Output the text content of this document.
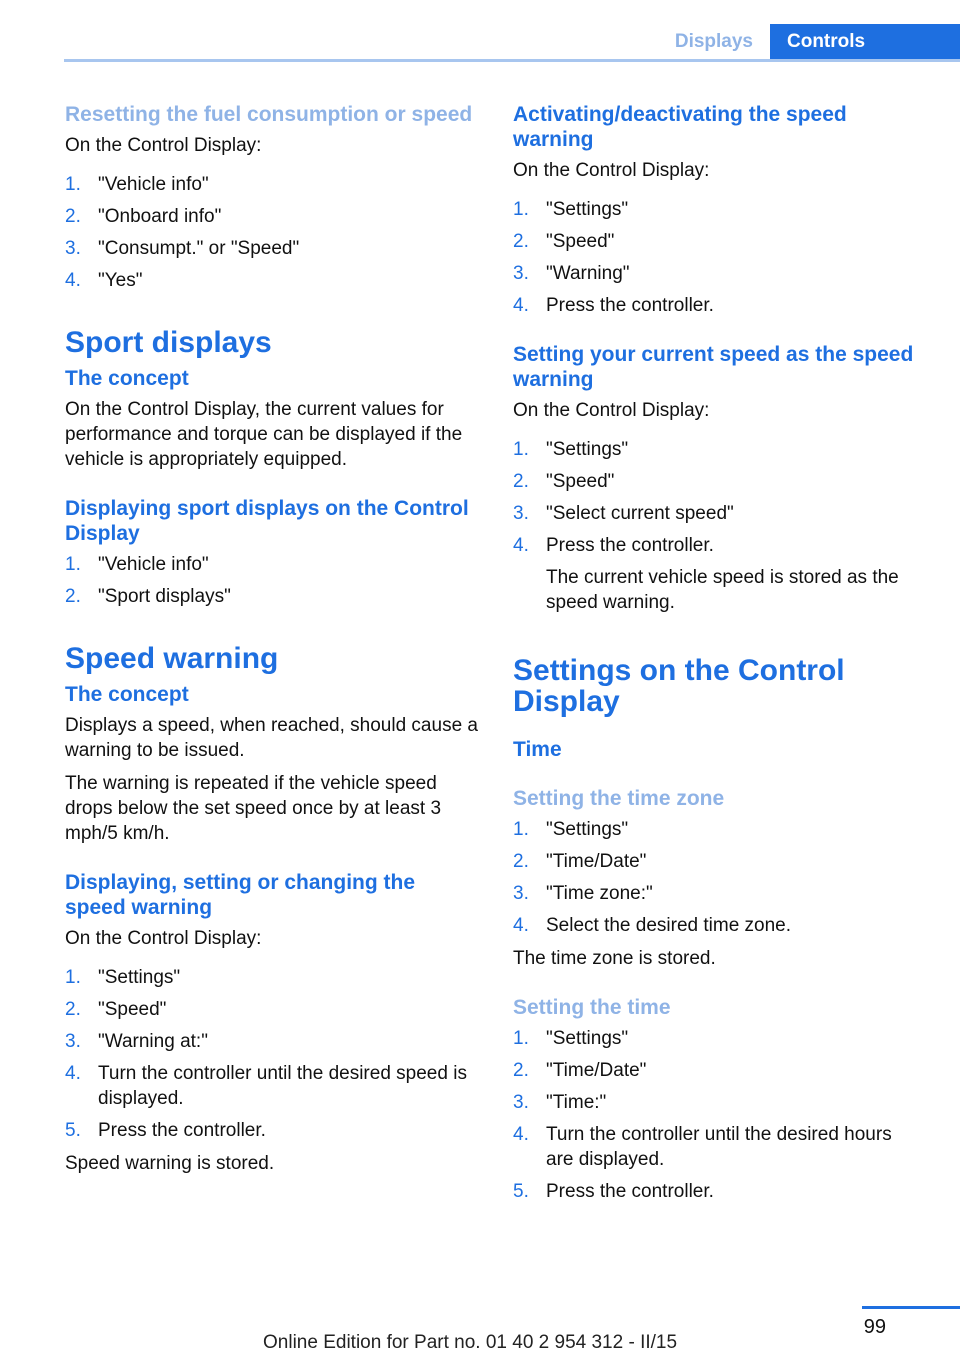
Displays	Controls
Resetting the fuel consumption or speed

On the Control Display:

1. "Vehicle info"
2. "Onboard info"
3. "Consumpt." or "Speed"
4. "Yes"
Sport displays
The concept

On the Control Display, the current values for performance and torque can be displayed if the vehicle is appropriately equipped.

Displaying sport displays on the Control Display
1. "Vehicle info"
2. "Sport displays"
Speed warning
The concept

Displays a speed, when reached, should cause a warning to be issued.

The warning is repeated if the vehicle speed drops below the set speed once by at least 3 mph/5 km/h.

Displaying, setting or changing the speed warning

On the Control Display:

1. "Settings"
2. "Speed"
3. "Warning at:"
4. Turn the controller until the desired speed is displayed.
5. Press the controller.

Speed warning is stored.

Activating/deactivating the speed warning

On the Control Display:

1. "Settings"
2. "Speed"
3. "Warning"
4. Press the controller.
Setting your current speed as the speed warning

On the Control Display:

1. "Settings"
2. "Speed"
3. "Select current speed"
4. Press the controller.
The current vehicle speed is stored as the speed warning.
Settings on the Control Display
Time
Setting the time zone
1. "Settings"
2. "Time/Date"
3. "Time zone:"
4. Select the desired time zone.

The time zone is stored.

Setting the time
1. "Settings"
2. "Time/Date"
3. "Time:"
4. Turn the controller until the desired hours are displayed.
5. Press the controller.
99
Online Edition for Part no. 01 40 2 954 312 - II/15
